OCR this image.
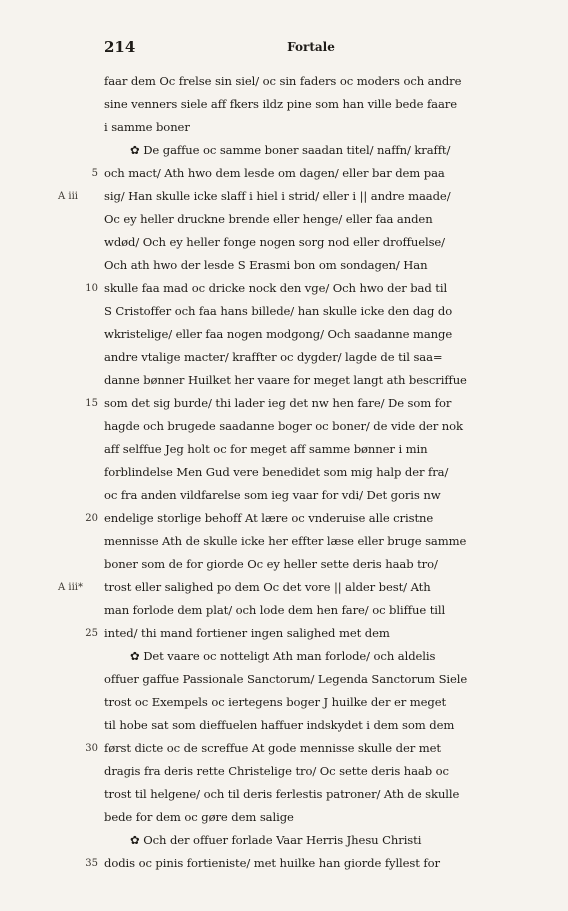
214	Fortale
faar dem Oc frelse sin siel/ oc sin faders oc moders och andre
sine venners siele aff fkers ildz pine som han ville bede faare
i samme boner
✿ De gaffue oc samme boner saadan titel/ naffn/ krafft/
5 och mact/ Ath hwo dem lesde om dagen/ eller bar dem paa
A iii	sig/ Han skulle icke slaff i hiel i strid/ eller i || andre maade/
Oc ey heller druckne brende eller henge/ eller faa anden
wdød/ Och ey heller fonge nogen sorg nod eller droffuelse/
Och ath hwo der lesde S Erasmi bon om sondagen/ Han
10 skulle faa mad oc dricke nock den vge/ Och hwo der bad til
S Cristoffer och faa hans billede/ han skulle icke den dag do
wkristelige/ eller faa nogen modgong/ Och saadanne mange
andre vtalige macter/ kraffter oc dygder/ lagde de til saa=
danne bønner Huilket her vaare for meget langt ath bescriffue
15 som det sig burde/ thi lader ieg det nw hen fare/ De som for
hagde och brugede saadanne boger oc boner/ de vide der nok
aff selffue Jeg holt oc for meget aff samme bønner i min
forblindelse Men Gud vere benedidet som mig halp der fra/
oc fra anden vildfarelse som ieg vaar for vdi/ Det goris nw
20 endelige storlige behoff At lære oc vnderuise alle cristne
mennisse Ath de skulle icke her effter læse eller bruge samme
boner som de for giorde Oc ey heller sette deris haab tro/
A iii*	trost eller salighed po dem Oc det vore || alder best/ Ath
man forlode dem plat/ och lode dem hen fare/ oc bliffue till
25 inted/ thi mand fortiener ingen salighed met dem
✿ Det vaare oc notteligt Ath man forlode/ och aldelis
offuer gaffue Passionale Sanctorum/ Legenda Sanctorum Siele
trost oc Exempels oc iertegens boger J huilke der er meget
til hobe sat som dieffuelen haffuer indskydet i dem som dem
30 først dicte oc de screffue At gode mennisse skulle der met
dragis fra deris rette Christelige tro/ Oc sette deris haab oc
trost til helgene/ och til deris ferlestis patroner/ Ath de skulle
bede for dem oc gøre dem salige
✿ Och der offuer forlade Vaar Herris Jhesu Christi
35 dodis oc pinis fortieniste/ met huilke han giorde fyllest for
